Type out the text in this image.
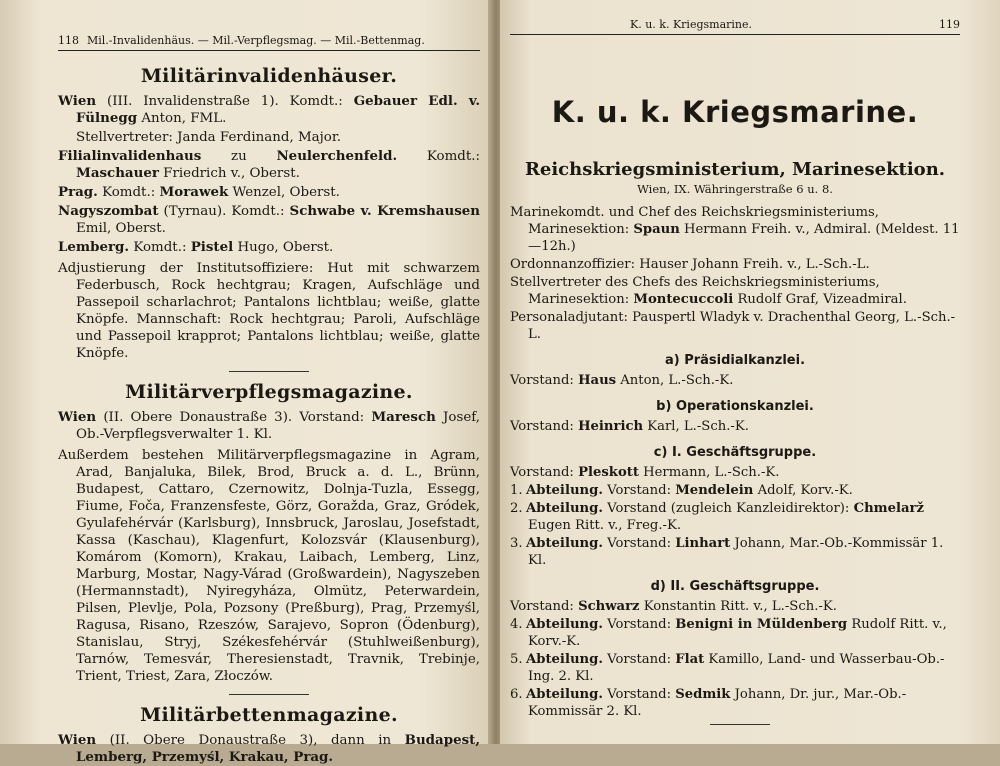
118 Mil.-Invalidenhäus. — Mil.-Verpflegsmag. — Mil.-Bettenmag.
Militärinvalidenhäuser.
Wien (III. Invalidenstraße 1). Komdt.: Gebauer Edl. v. Fülnegg Anton, FML.
Stellvertreter: Janda Ferdinand, Major.
Filialinvalidenhaus zu Neulerchenfeld. Komdt.: Maschauer Friedrich v., Oberst.
Prag. Komdt.: Morawek Wenzel, Oberst.
Nagyszombat (Tyrnau). Komdt.: Schwabe v. Kremshausen Emil, Oberst.
Lemberg. Komdt.: Pistel Hugo, Oberst.
Adjustierung der Institutsoffiziere: Hut mit schwarzem Federbusch, Rock hechtgrau; Kragen, Aufschläge und Passepoil scharlachrot; Pantalons lichtblau; weiße, glatte Knöpfe. Mannschaft: Rock hechtgrau; Paroli, Aufschläge und Passepoil krapprot; Pantalons lichtblau; weiße, glatte Knöpfe.
Militärverpflegsmagazine.
Wien (II. Obere Donaustraße 3). Vorstand: Maresch Josef, Ob.-Verpflegsverwalter 1. Kl.
Außerdem bestehen Militärverpflegsmagazine in Agram, Arad, Banjaluka, Bilek, Brod, Bruck a. d. L., Brünn, Budapest, Cattaro, Czernowitz, Dolnja-Tuzla, Essegg, Fiume, Foča, Franzensfeste, Görz, Goražda, Graz, Gródek, Gyulafehérvár (Karlsburg), Innsbruck, Jaroslau, Josefstadt, Kassa (Kaschau), Klagenfurt, Kolozsvár (Klausenburg), Komárom (Komorn), Krakau, Laibach, Lemberg, Linz, Marburg, Mostar, Nagy-Várad (Großwardein), Nagyszeben (Hermannstadt), Nyiregyháza, Olmütz, Peterwardein, Pilsen, Plevlje, Pola, Pozsony (Preßburg), Prag, Przemyśl, Ragusa, Risano, Rzeszów, Sarajevo, Sopron (Ödenburg), Stanislau, Stryj, Székesfehérvár (Stuhlweißenburg), Tarnów, Temesvár, Theresienstadt, Travnik, Trebinje, Trient, Triest, Zara, Złoczów.
Militärbettenmagazine.
Wien (II. Obere Donaustraße 3), dann in Budapest, Lemberg, Przemyśl, Krakau, Prag.
K. u. k. Kriegsmarine.	119
K. u. k. Kriegsmarine.
Reichskriegsministerium, Marinesektion.
Wien, IX. Währingerstraße 6 u. 8.
Marinekomdt. und Chef des Reichskriegsministeriums, Marinesektion: Spaun Hermann Freih. v., Admiral. (Meldest. 11—12h.)
Ordonnanzoffizier: Hauser Johann Freih. v., L.-Sch.-L.
Stellvertreter des Chefs des Reichskriegsministeriums, Marinesektion: Montecuccoli Rudolf Graf, Vizeadmiral.
Personaladjutant: Pauspertl Wladyk v. Drachenthal Georg, L.-Sch.-L.
a) Präsidialkanzlei.
Vorstand: Haus Anton, L.-Sch.-K.
b) Operationskanzlei.
Vorstand: Heinrich Karl, L.-Sch.-K.
c) I. Geschäftsgruppe.
Vorstand: Pleskott Hermann, L.-Sch.-K.
1. Abteilung. Vorstand: Mendelein Adolf, Korv.-K.
2. Abteilung. Vorstand (zugleich Kanzleidirektor): Chmelarž Eugen Ritt. v., Freg.-K.
3. Abteilung. Vorstand: Linhart Johann, Mar.-Ob.-Kommissär 1. Kl.
d) II. Geschäftsgruppe.
Vorstand: Schwarz Konstantin Ritt. v., L.-Sch.-K.
4. Abteilung. Vorstand: Benigni in Müldenberg Rudolf Ritt. v., Korv.-K.
5. Abteilung. Vorstand: Flat Kamillo, Land- und Wasserbau-Ob.-Ing. 2. Kl.
6. Abteilung. Vorstand: Sedmik Johann, Dr. jur., Mar.-Ob.-Kommissär 2. Kl.
